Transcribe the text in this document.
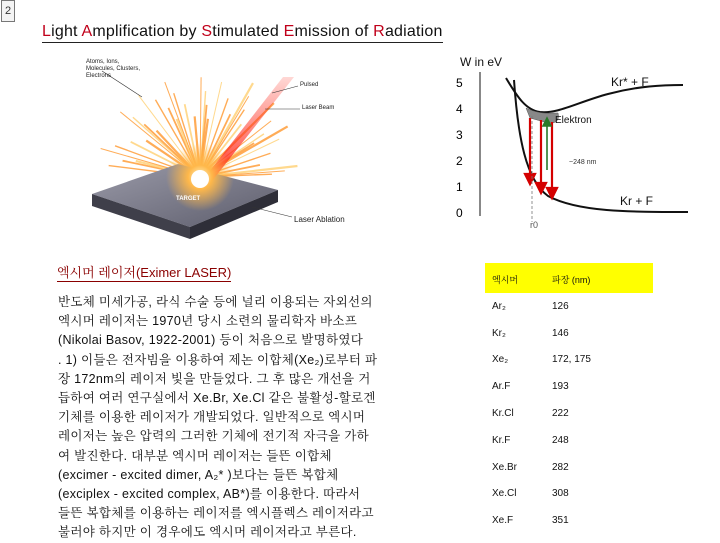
2
Light Amplification by Stimulated Emission of Radiation
Atoms, Ions, Molecules, Clusters, Electrons
Pulsed
Laser Beam
TARGET
Laser Ablation
W in eV
5
4
3
2
1
0
Kr* + F
Elektron
~248 nm
Kr + F
r0
엑시머 레이저(Eximer LASER)
반도체 미세가공, 라식 수술 등에 널리 이용되는 자외선의
엑시머 레이저는 1970년 당시 소련의 물리학자 바소프
(Nikolai Basov, 1922-2001) 등이 처음으로 발명하였다
. 1) 이들은 전자빔을 이용하여 제논 이합체(Xe₂)로부터 파
장 172nm의 레이저 빛을 만들었다. 그 후 많은 개선을 거
듭하여 여러 연구실에서 Xe.Br, Xe.Cl 같은 불활성-할로겐
기체를 이용한 레이저가 개발되었다. 일반적으로 엑시머
레이저는 높은 압력의 그러한 기체에 전기적 자극을 가하
여 발진한다. 대부분 엑시머 레이저는 들뜬 이합체
(excimer - excited dimer, A₂* )보다는 들뜬 복합체
(exciplex - excited complex, AB*)를 이용한다. 따라서
들뜬 복합체를 이용하는 레이저를 엑시플렉스 레이저라고
불러야 하지만 이 경우에도 엑시머 레이저라고 부른다.
엑시머	파장 (nm)
Ar₂	126
Kr₂	146
Xe₂	172, 175
Ar.F	193
Kr.Cl	222
Kr.F	248
Xe.Br	282
Xe.Cl	308
Xe.F	351
